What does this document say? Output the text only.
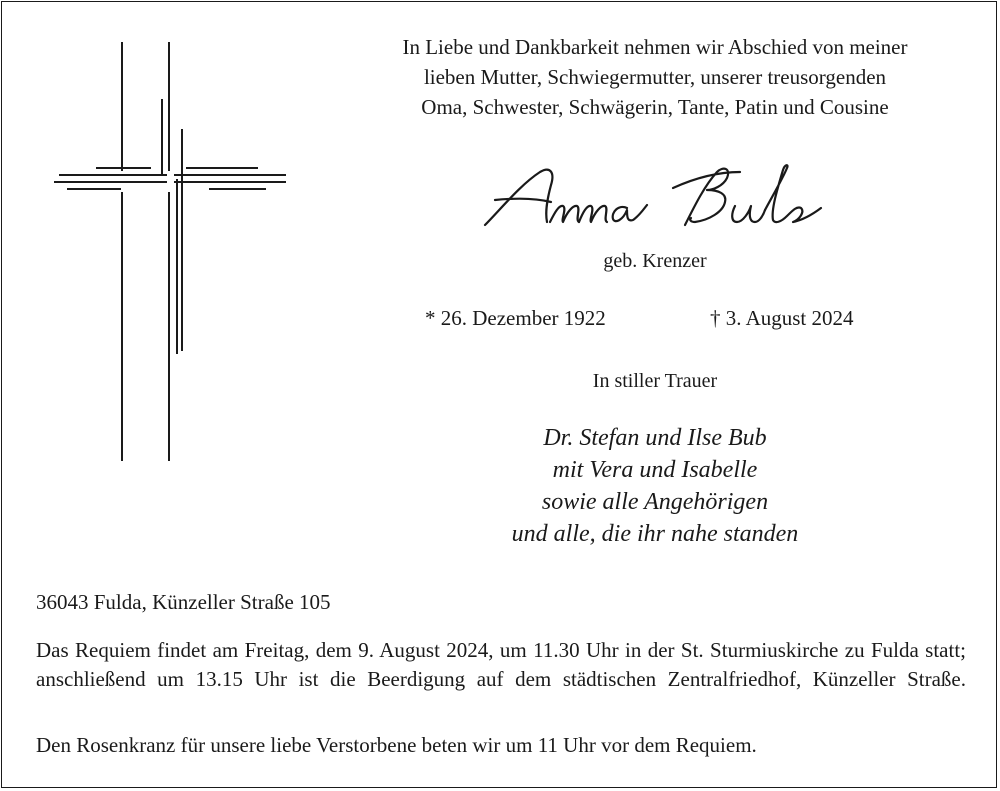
In Liebe und Dankbarkeit nehmen wir Abschied von meiner
lieben Mutter, Schwiegermutter, unserer treusorgenden
Oma, Schwester, Schwägerin, Tante, Patin und Cousine
geb. Krenzer
* 26. Dezember 1922	† 3. August 2024
In stiller Trauer
Dr. Stefan und Ilse Bub
mit Vera und Isabelle
sowie alle Angehörigen
und alle, die ihr nahe standen
36043 Fulda, Künzeller Straße 105
Das Requiem findet am Freitag, dem 9. August 2024, um 11.30 Uhr in der St. Sturmiuskirche zu Fulda statt; anschließend um 13.15 Uhr ist die Beerdigung auf dem städtischen Zentralfriedhof, Künzeller Straße.
Den Rosenkranz für unsere liebe Verstorbene beten wir um 11 Uhr vor dem Requiem.
